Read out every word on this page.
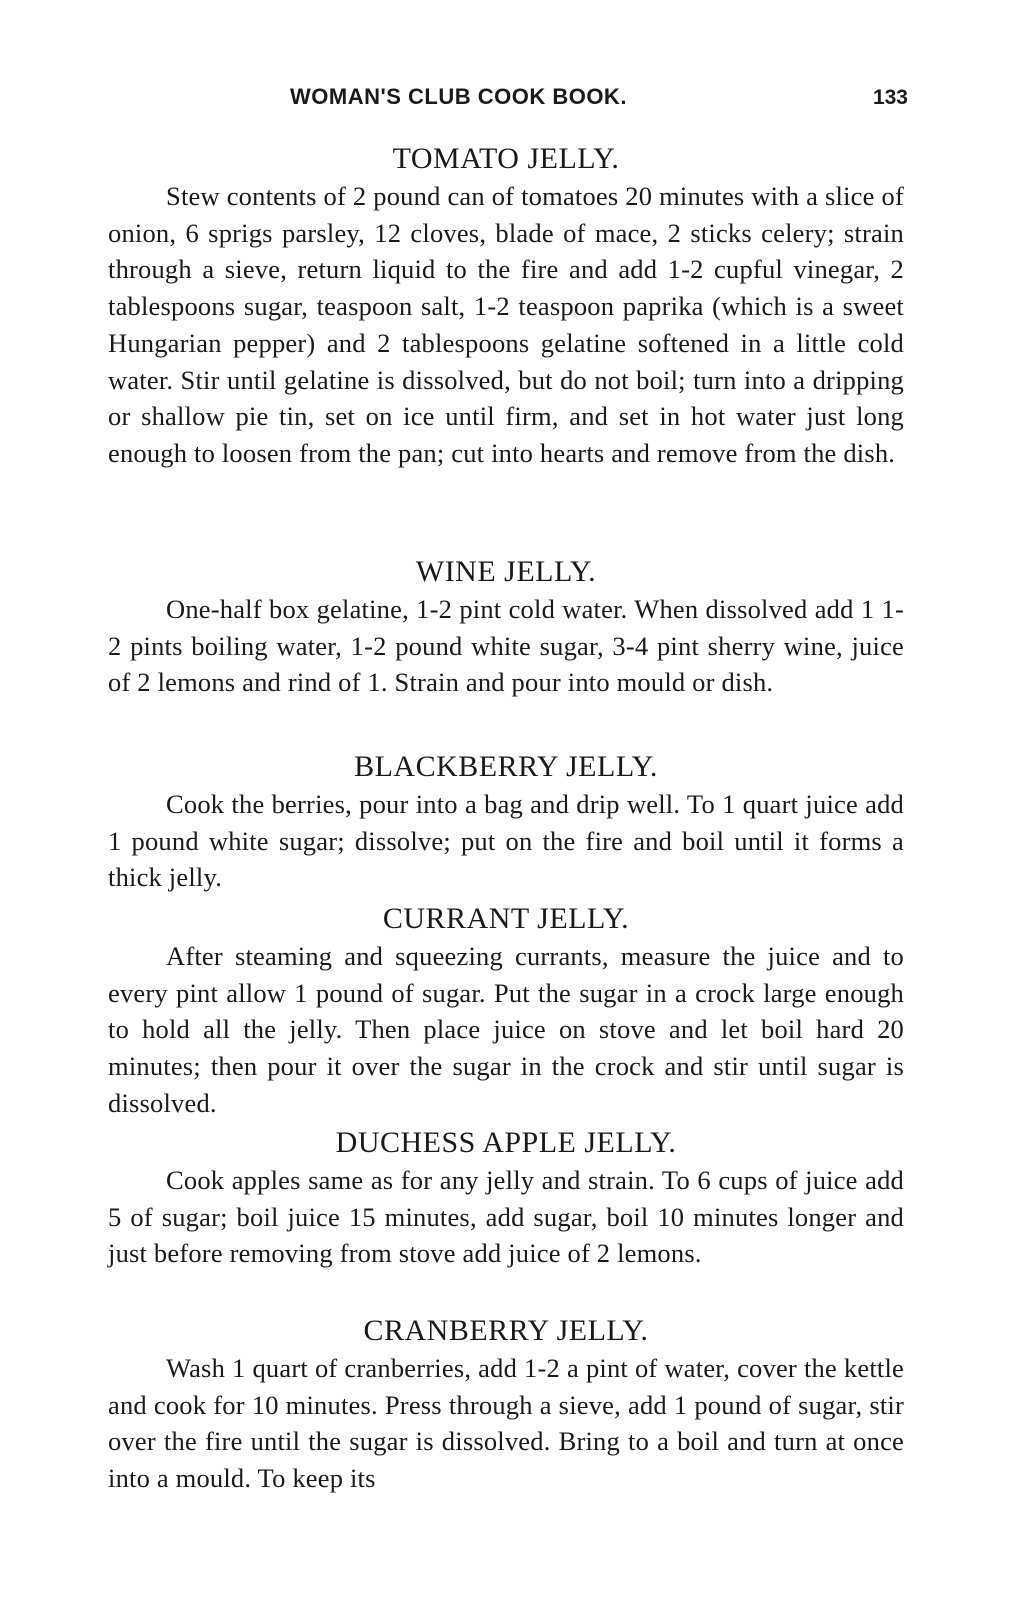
WOMAN'S CLUB COOK BOOK.	133
TOMATO JELLY.

Stew contents of 2 pound can of tomatoes 20 minutes with a slice of onion, 6 sprigs parsley, 12 cloves, blade of mace, 2 sticks celery; strain through a sieve, return liquid to the fire and add 1-2 cupful vinegar, 2 tablespoons sugar, teaspoon salt, 1-2 teaspoon paprika (which is a sweet Hungarian pepper) and 2 tablespoons gelatine softened in a little cold water. Stir until gelatine is dissolved, but do not boil; turn into a dripping or shallow pie tin, set on ice until firm, and set in hot water just long enough to loosen from the pan; cut into hearts and remove from the dish.

WINE JELLY.

One-half box gelatine, 1-2 pint cold water. When dissolved add 1 1-2 pints boiling water, 1-2 pound white sugar, 3-4 pint sherry wine, juice of 2 lemons and rind of 1. Strain and pour into mould or dish.

BLACKBERRY JELLY.

Cook the berries, pour into a bag and drip well. To 1 quart juice add 1 pound white sugar; dissolve; put on the fire and boil until it forms a thick jelly.

CURRANT JELLY.

After steaming and squeezing currants, measure the juice and to every pint allow 1 pound of sugar. Put the sugar in a crock large enough to hold all the jelly. Then place juice on stove and let boil hard 20 minutes; then pour it over the sugar in the crock and stir until sugar is dissolved.

DUCHESS APPLE JELLY.

Cook apples same as for any jelly and strain. To 6 cups of juice add 5 of sugar; boil juice 15 minutes, add sugar, boil 10 minutes longer and just before removing from stove add juice of 2 lemons.

CRANBERRY JELLY.

Wash 1 quart of cranberries, add 1-2 a pint of water, cover the kettle and cook for 10 minutes. Press through a sieve, add 1 pound of sugar, stir over the fire until the sugar is dissolved. Bring to a boil and turn at once into a mould. To keep its
